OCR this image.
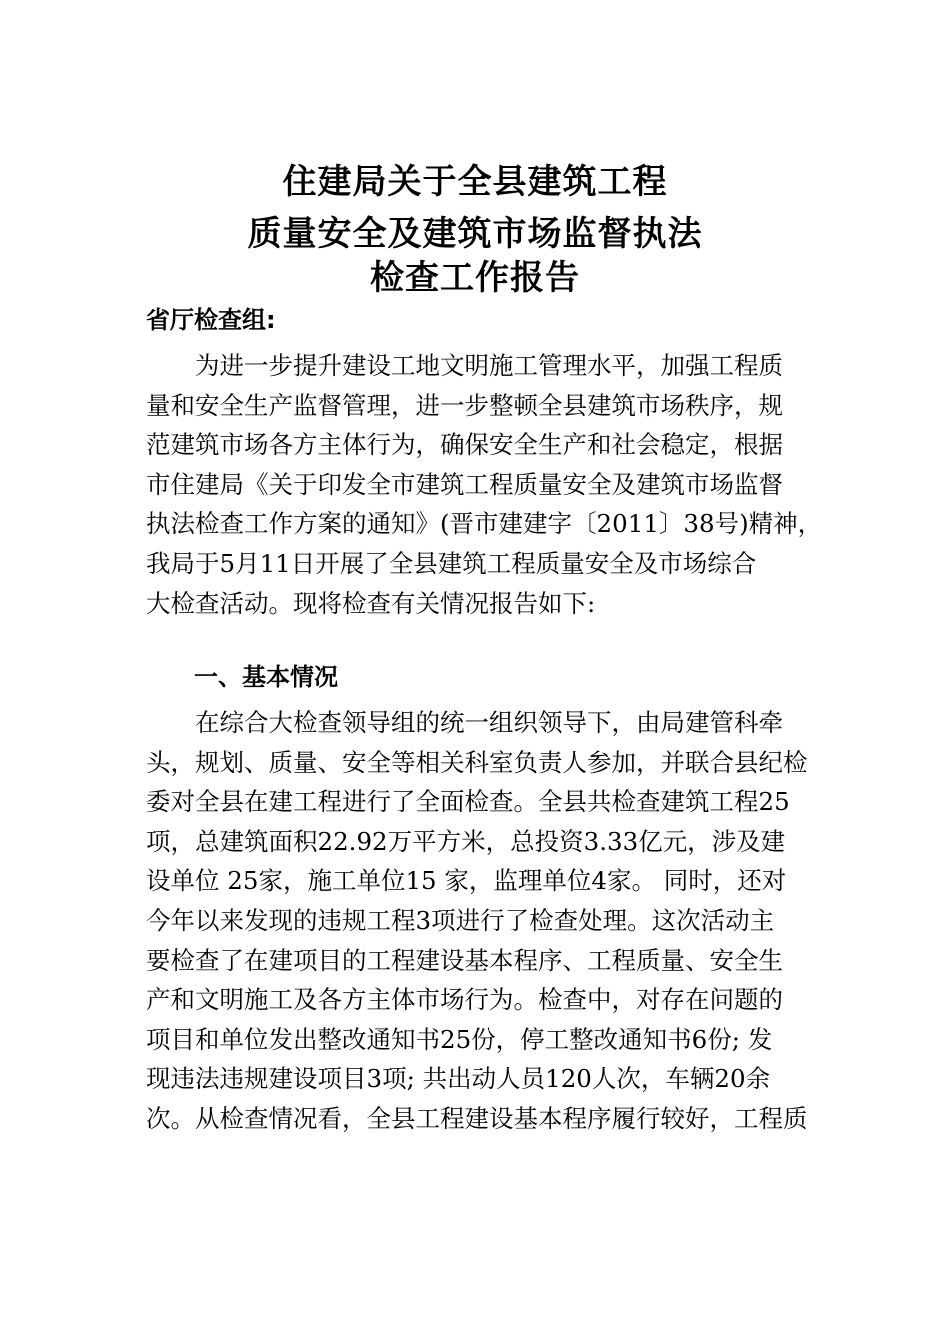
住建局关于全县建筑工程
质量安全及建筑市场监督执法
检查工作报告
省厅检查组:
　　为进一步提升建设工地文明施工管理水平，加强工程质
量和安全生产监督管理，进一步整顿全县建筑市场秩序，规
范建筑市场各方主体行为，确保安全生产和社会稳定，根据
市住建局《关于印发全市建筑工程质量安全及建筑市场监督
执法检查工作方案的通知》(晋市建建字〔2011〕38号)精神，
我局于5月11日开展了全县建筑工程质量安全及市场综合
大检查活动。现将检查有关情况报告如下:
一、基本情况
　　在综合大检查领导组的统一组织领导下，由局建管科牵
头，规划、质量、安全等相关科室负责人参加，并联合县纪检
委对全县在建工程进行了全面检查。全县共检查建筑工程25
项，总建筑面积22.92万平方米，总投资3.33亿元，涉及建
设单位 25家，施工单位15 家，监理单位4家。 同时，还对
今年以来发现的违规工程3项进行了检查处理。这次活动主
要检查了在建项目的工程建设基本程序、工程质量、安全生
产和文明施工及各方主体市场行为。检查中，对存在问题的
项目和单位发出整改通知书25份，停工整改通知书6份; 发
现违法违规建设项目3项; 共出动人员120人次，车辆20余
次。从检查情况看，全县工程建设基本程序履行较好，工程质
